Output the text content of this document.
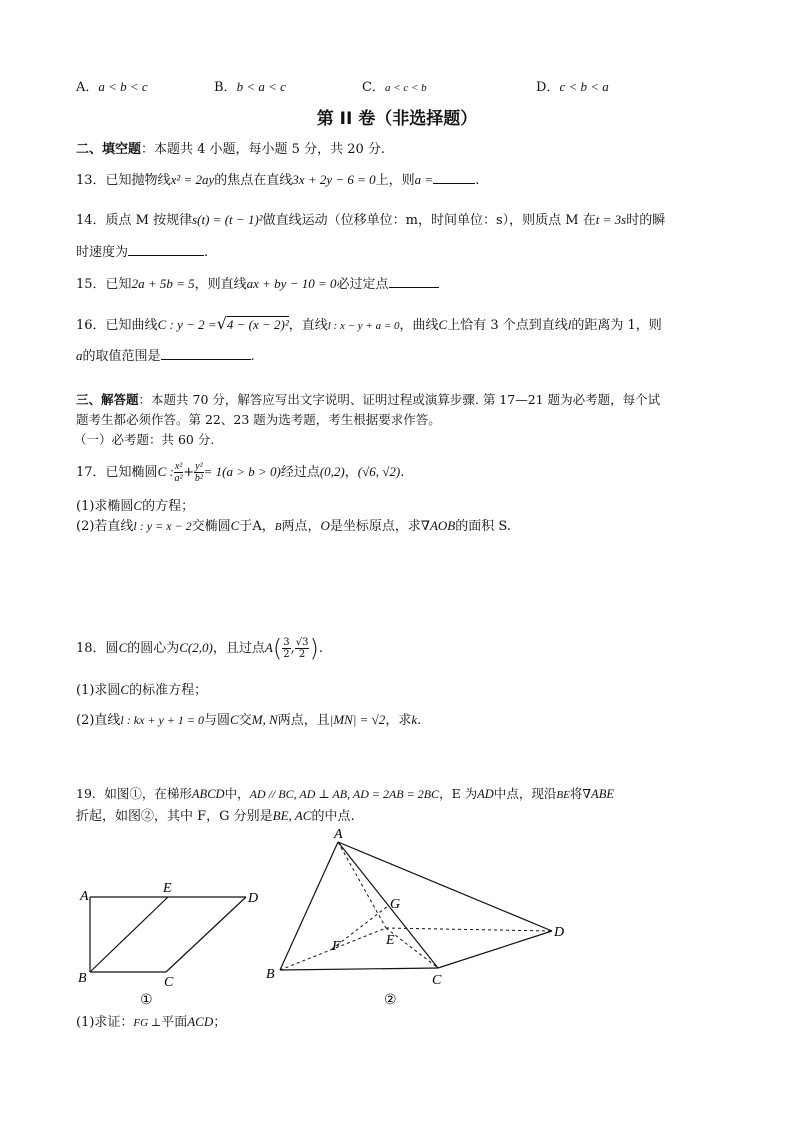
A．a < b < c	B．b < a < c	C．a < c < b	D．c < b < a
第 II 卷（非选择题）
二、填空题：本题共 4 小题，每小题 5 分，共 20 分.
13．已知抛物线x² = 2ay的焦点在直线3x + 2y − 6 = 0上，则a =	.
14．质点 M 按规律s(t) = (t − 1)²做直线运动（位移单位：m，时间单位：s），则质点 M 在t = 3s时的瞬
时速度为	.
15．已知2a + 5b = 5，则直线ax + by − 10 = 0必过定点
16．已知曲线C : y − 2 =√4 − (x − 2)²，直线l : x − y + a = 0，曲线C上恰有 3 个点到直线l的距离为 1，则
a的取值范围是	.
三、解答题：本题共 70 分，解答应写出文字说明、证明过程或演算步骤. 第 17—21 题为必考题，每个试
题考生都必须作答。第 22、23 题为选考题，考生根据要求作答。
（一）必考题：共 60 分.
17．已知椭圆C : $\frac{\text{x²}}{\text{a²}} + \frac{\text{y²}}{\text{b²}} = 1(a > b > 0)$经过点(0,2)，(√6, √2).
(1)求椭圆C的方程；
(2)若直线l : y = x − 2交椭圆C于A，B两点，O是坐标原点，求∇AOB的面积 S.
18．圆C的圆心为C(2,0)，且过点$A( \frac{3}{2}$ , $\frac{√3}{2}$ ).
(1)求圆C的标准方程；
(2)直线l : kx + y + 1 = 0与圆C交M, N两点，且|MN| = √2，求k.
19．如图①，在梯形ABCD中，AD // BC, AD ⊥ AB, AD = 2AB = 2BC，E 为AD中点，现沿BE将∇ABE
折起，如图②，其中 F，G 分别是BE, AC的中点.
A
E
D
B	C
①
A
G
E
F
D
B	C
②
(1)求证：FG ⊥平面ACD；
